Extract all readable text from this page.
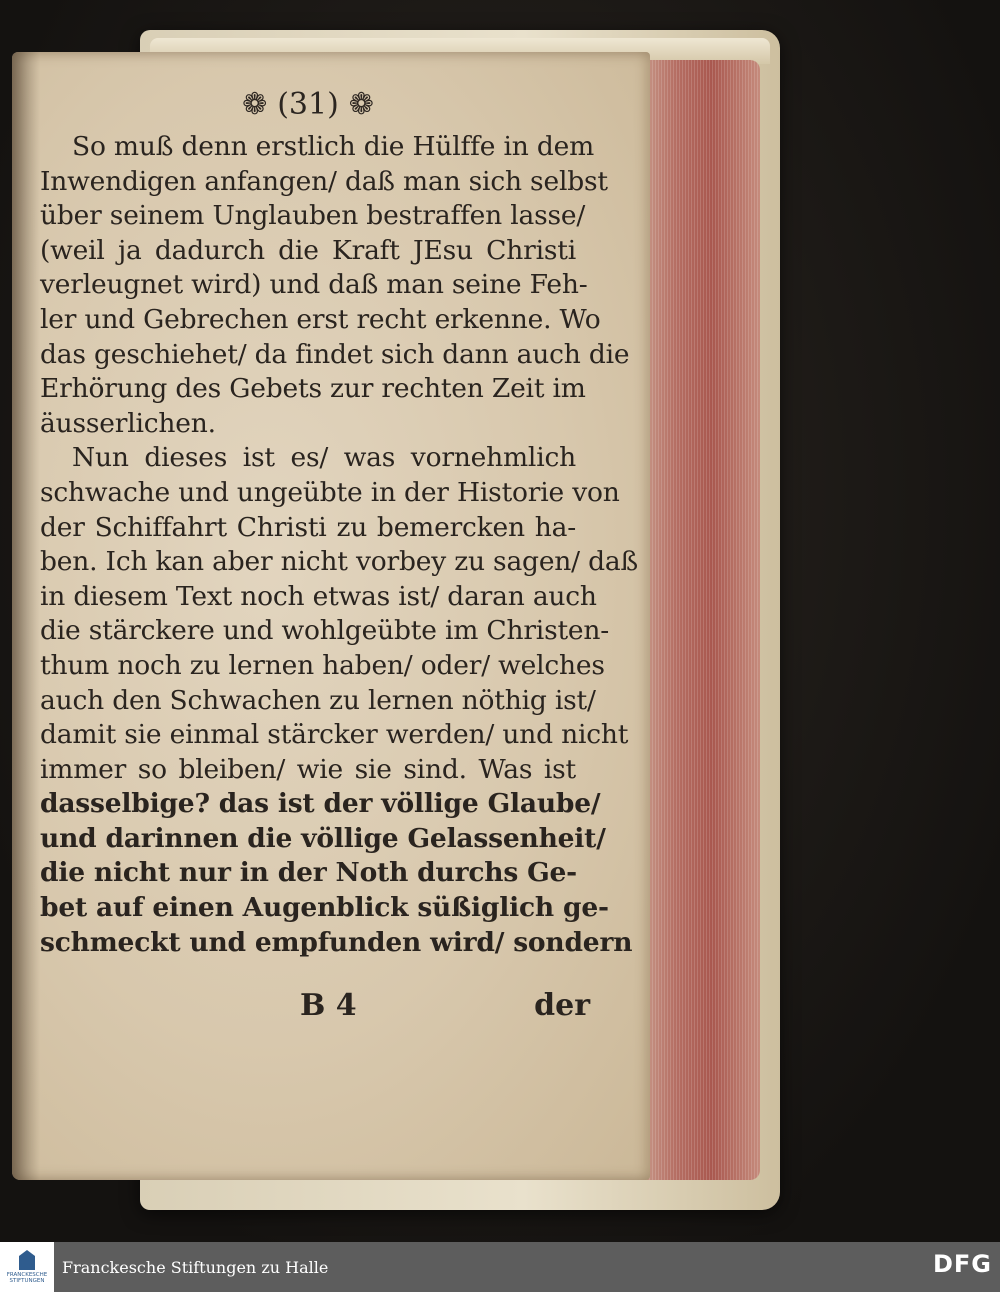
❁ (31) ❁
So muß denn erstlich die Hülffe in dem
Inwendigen anfangen/ daß man sich selbst
über seinem Unglauben bestraffen lasse/
(weil ja dadurch die Kraft JEsu Christi
verleugnet wird) und daß man seine Feh-
ler und Gebrechen erst recht erkenne. Wo
das geschiehet/ da findet sich dann auch die
Erhörung des Gebets zur rechten Zeit im
äusserlichen.
Nun dieses ist es/ was vornehmlich
schwache und ungeübte in der Historie von
der Schiffahrt Christi zu bemercken ha-
ben. Ich kan aber nicht vorbey zu sagen/ daß
in diesem Text noch etwas ist/ daran auch
die stärckere und wohlgeübte im Christen-
thum noch zu lernen haben/ oder/ welches
auch den Schwachen zu lernen nöthig ist/
damit sie einmal stärcker werden/ und nicht
immer so bleiben/ wie sie sind. Was ist
dasselbige? das ist der völlige Glaube/
und darinnen die völlige Gelassenheit/
die nicht nur in der Noth durchs Ge-
bet auf einen Augenblick süßiglich ge-
schmeckt und empfunden wird/ sondern
B 4	der
FRANCKESCHE
STIFTUNGEN
Franckesche Stiftungen zu Halle	DFG
